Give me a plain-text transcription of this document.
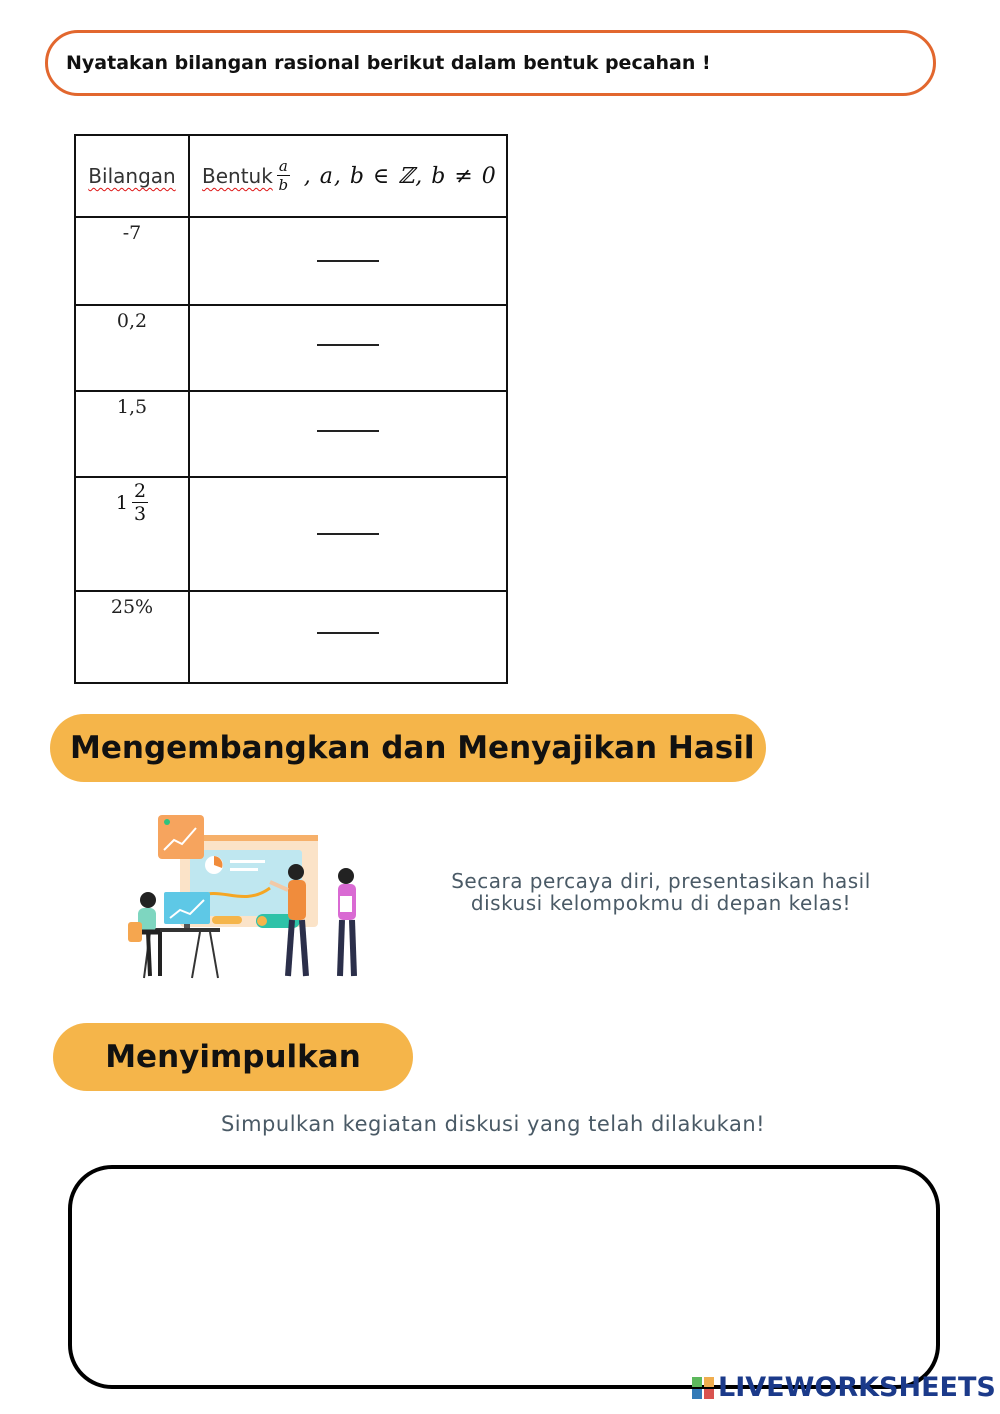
Nyatakan bilangan rasional berikut dalam bentuk pecahan !
Bilangan	Bentuk $\frac{a}{b}$ , a, b ∈ ℤ, b ≠ 0

-7	

0,2	

1,5	

$1 \frac{2}{3}$

25%	

Mengembangkan dan Menyajikan Hasil
Secara percaya diri, presentasikan hasil diskusi kelompokmu di depan kelas!
Menyimpulkan
Simpulkan kegiatan diskusi yang telah dilakukan!
LIVEWORKSHEETS
